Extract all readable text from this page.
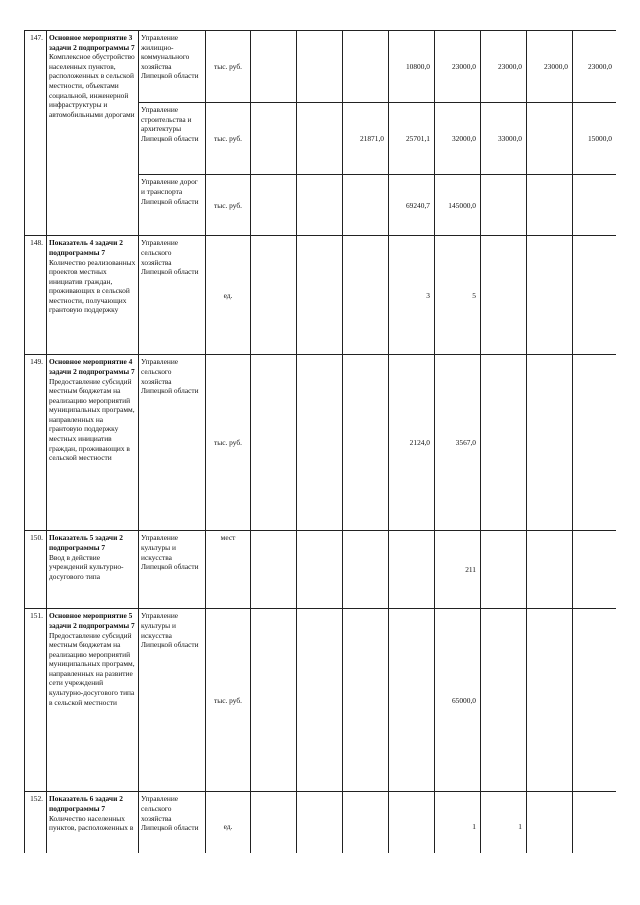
147.	Основное мероприятие 3 задачи 2 подпрограммы 7
Комплексное обустройство населенных пунктов, расположенных в сельской местности, объектами социальной, инженерной инфраструктуры и автомобильными дорогами	Управление жилищно-коммунального хозяйства Липецкой области	тыс. руб.				10800,0	23000,0	23000,0	23000,0	23000,0	
		Управление строительства и архитектуры Липецкой области	тыс. руб.			21871,0	25701,1	32000,0	33000,0		15000,0	
		Управление дорог и транспорта Липецкой области	тыс. руб.				69240,7	145000,0				
148.	Показатель 4 задачи 2 подпрограммы 7
Количество реализованных проектов местных инициатив граждан, проживающих в сельской местности, получающих грантовую поддержку	Управление сельского хозяйства Липецкой области	ед.				3	5				
149.	Основное мероприятие 4 задачи 2 подпрограммы 7
Предоставление субсидий местным бюджетам на реализацию мероприятий муниципальных программ, направленных на грантовую поддержку местных инициатив граждан, проживающих в сельской местности	Управление сельского хозяйства Липецкой области	тыс. руб.				2124,0	3567,0				
150.	Показатель 5 задачи 2 подпрограммы 7
Ввод в действие учреждений культурно-досугового типа	Управление культуры и искусства Липецкой области	мест					211				
151.	Основное мероприятие 5 задачи 2 подпрограммы 7
Предоставление субсидий местным бюджетам на реализацию мероприятий муниципальных программ, направленных на развитие сети учреждений культурно-досугового типа в сельской местности	Управление культуры и искусства Липецкой области	тыс. руб.					65000,0				
152.	Показатель 6 задачи 2 подпрограммы 7
Количество населенных пунктов, расположенных в	Управление сельского хозяйства Липецкой области	ед.					1	1			
